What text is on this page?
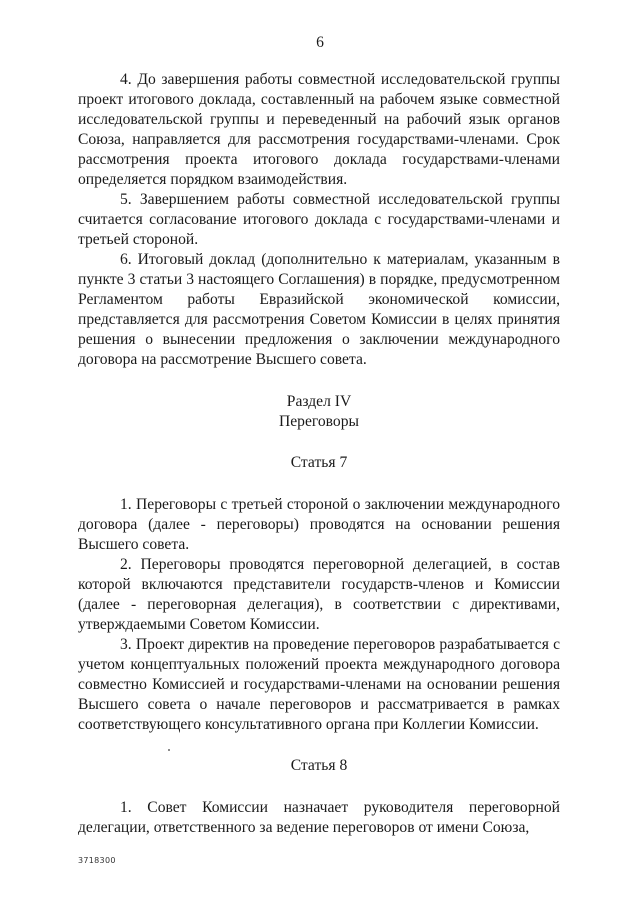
6

4. До завершения работы совместной исследовательской группы проект итогового доклада, составленный на рабочем языке совместной исследовательской группы и переведенный на рабочий язык органов Союза, направляется для рассмотрения государствами-членами. Срок рассмотрения проекта итогового доклада государствами-членами определяется порядком взаимодействия.

5. Завершением работы совместной исследовательской группы считается согласование итогового доклада с государствами-членами и третьей стороной.

6. Итоговый доклад (дополнительно к материалам, указанным в пункте 3 статьи 3 настоящего Соглашения) в порядке, предусмотренном Регламентом работы Евразийской экономической комиссии, представляется для рассмотрения Советом Комиссии в целях принятия решения о вынесении предложения о заключении международного договора на рассмотрение Высшего совета.

Раздел IV

Переговоры

Статья 7

1. Переговоры с третьей стороной о заключении международного договора (далее - переговоры) проводятся на основании решения Высшего совета.

2. Переговоры проводятся переговорной делегацией, в состав которой включаются представители государств-членов и Комиссии (далее - переговорная делегация), в соответствии с директивами, утверждаемыми Советом Комиссии.

3. Проект директив на проведение переговоров разрабатывается с учетом концептуальных положений проекта международного договора совместно Комиссией и государствами-членами на основании решения Высшего совета о начале переговоров и рассматривается в рамках соответствующего консультативного органа при Коллегии Комиссии.

Статья 8

1. Совет Комиссии назначает руководителя переговорной делегации, ответственного за ведение переговоров от имени Союза,

3718300
